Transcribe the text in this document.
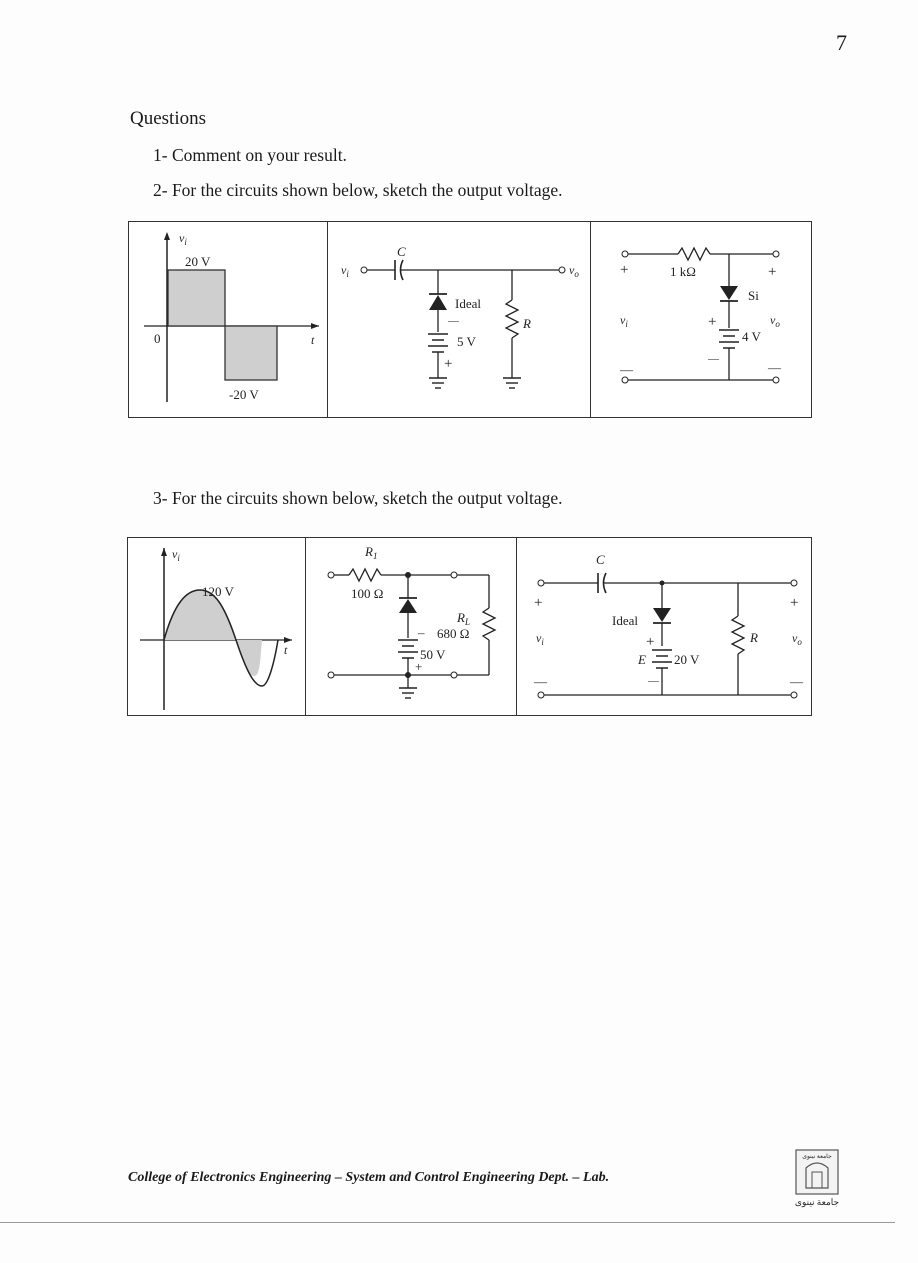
7
Questions
1- Comment on your result.
2- For the circuits shown below, sketch the output voltage.
$v_i$
20 V
-20 V
0	t
$v_i$
C
$v_o$
Ideal
—
5 V
+
R
1 kΩ
+	+
$v_i$	$v_o$
—	—
Si
+
4 V
—
3- For the circuits shown below, sketch the output voltage.
$v_i$
120 V
t
$R_1$
100 Ω
–
50 V
+
$R_L$
680 Ω
C
+	+
$v_i$	$v_o$
—	—
Ideal
+
E 20 V
—
R
College of Electronics Engineering – System and Control Engineering Dept. – Lab.
جامعة نينوى
جامعة نينوى
